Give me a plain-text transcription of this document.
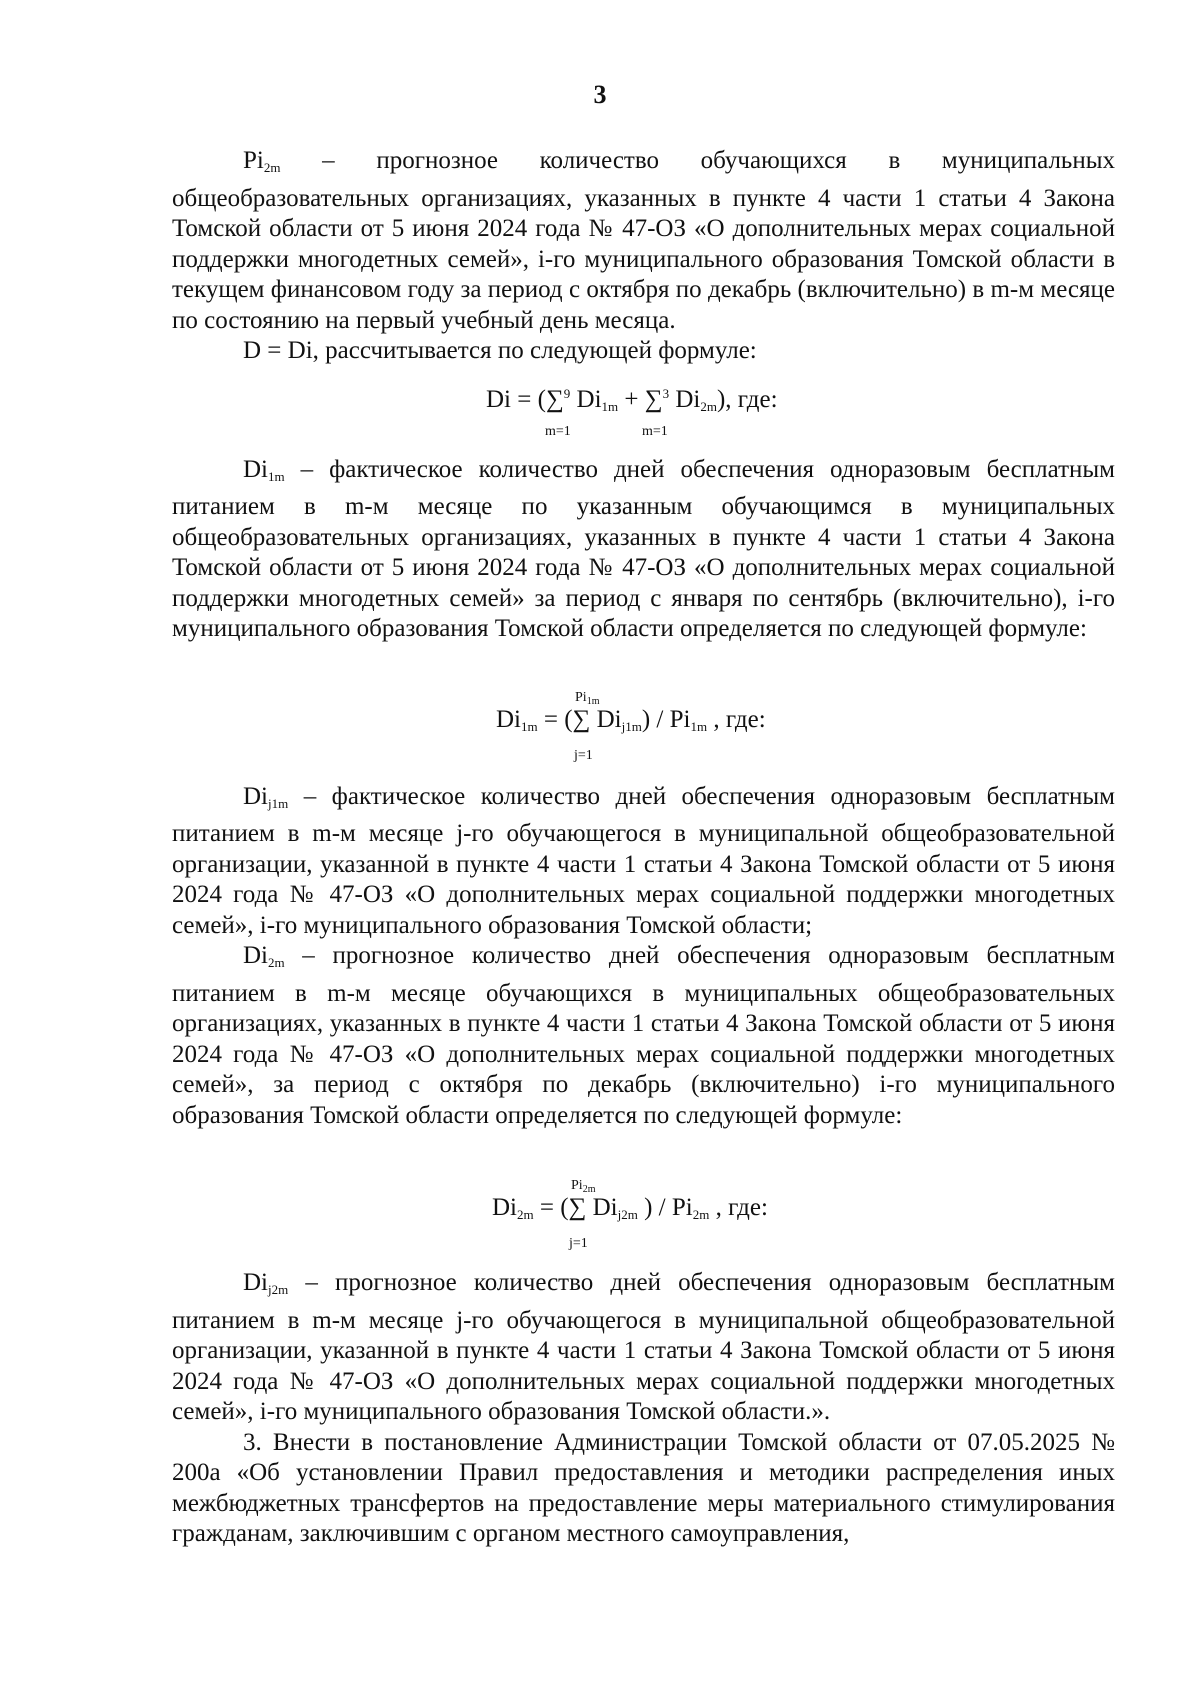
3

$Pi_{2m}$ – прогнозное количество обучающихся в муниципальных общеобразовательных организациях, указанных в пункте 4 части 1 статьи 4 Закона Томской области от 5 июня 2024 года № 47-ОЗ «О дополнительных мерах социальной поддержки многодетных семей», i-го муниципального образования Томской области в текущем финансовом году за период с октября по декабрь (включительно) в m-м месяце по состоянию на первый учебный день месяца.

D = Di, рассчитывается по следующей формуле:

Di = (∑$^9$ $Di_{1m} + \sum^3$ $Di_{2m}$), где:
m=1	m=1

$Di_{1m}$ – фактическое количество дней обеспечения одноразовым бесплатным питанием в m-м месяце по указанным обучающимся в муниципальных общеобразовательных организациях, указанных в пункте 4 части 1 статьи 4 Закона Томской области от 5 июня 2024 года № 47-ОЗ «О дополнительных мерах социальной поддержки многодетных семей» за период с января по сентябрь (включительно), i-го муниципального образования Томской области определяется по следующей формуле:

$Pi_{1m}$
$Di_{1m}$ = (∑ $Di_{j1m}) / Pi_{1m}$ , где:
j=1

$Di_{j1m}$ – фактическое количество дней обеспечения одноразовым бесплатным питанием в m-м месяце j-го обучающегося в муниципальной общеобразовательной организации, указанной в пункте 4 части 1 статьи 4 Закона Томской области от 5 июня 2024 года № 47-ОЗ «О дополнительных мерах социальной поддержки многодетных семей», i-го муниципального образования Томской области;

$Di_{2m}$ – прогнозное количество дней обеспечения одноразовым бесплатным питанием в m-м месяце обучающихся в муниципальных общеобразовательных организациях, указанных в пункте 4 части 1 статьи 4 Закона Томской области от 5 июня 2024 года № 47-ОЗ «О дополнительных мерах социальной поддержки многодетных семей», за период с октября по декабрь (включительно) i-го муниципального образования Томской области определяется по следующей формуле:

$Pi_{2m}$
$Di_{2m}$ = (∑ $Di_{j2m}$ ) / $Pi_{2m}$ , где:
j=1

$Di_{j2m}$ – прогнозное количество дней обеспечения одноразовым бесплатным питанием в m-м месяце j-го обучающегося в муниципальной общеобразовательной организации, указанной в пункте 4 части 1 статьи 4 Закона Томской области от 5 июня 2024 года № 47-ОЗ «О дополнительных мерах социальной поддержки многодетных семей», i-го муниципального образования Томской области.».

3. Внести в постановление Администрации Томской области от 07.05.2025 № 200а «Об установлении Правил предоставления и методики распределения иных межбюджетных трансфертов на предоставление меры материального стимулирования гражданам, заключившим с органом местного самоуправления,
